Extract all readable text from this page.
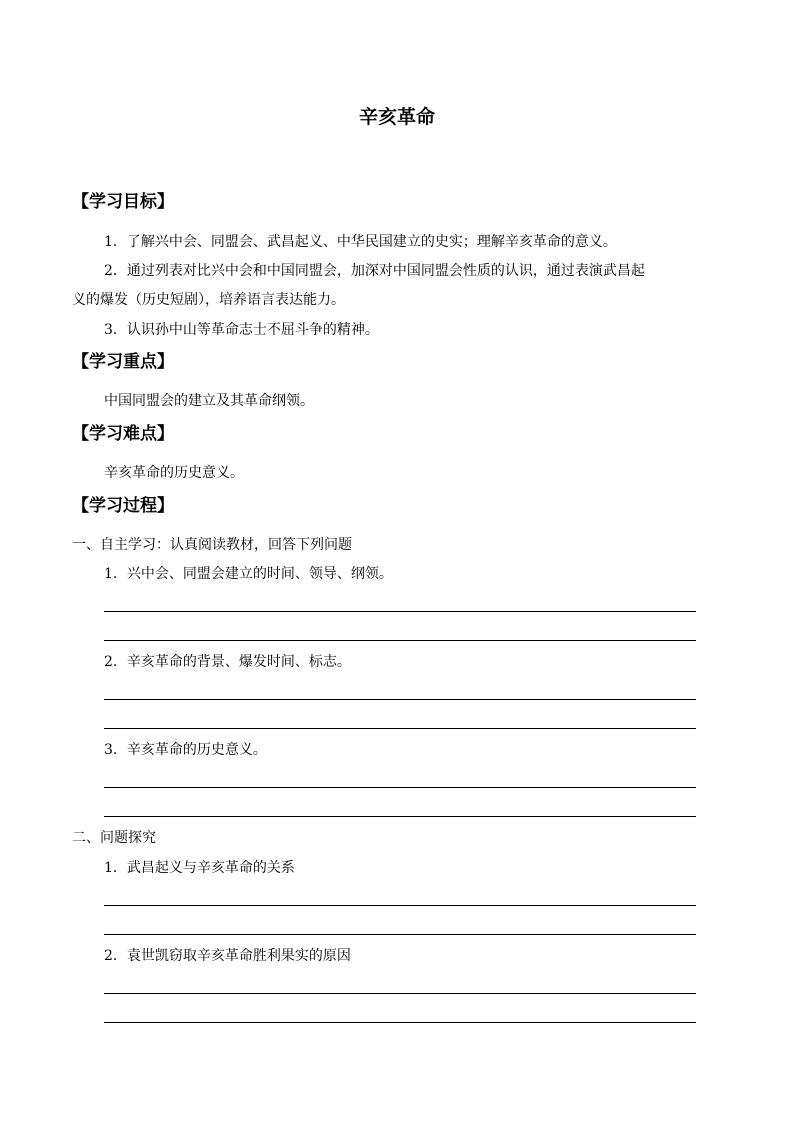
辛亥革命
【学习目标】
1．了解兴中会、同盟会、武昌起义、中华民国建立的史实；理解辛亥革命的意义。
2．通过列表对比兴中会和中国同盟会，加深对中国同盟会性质的认识，通过表演武昌起
义的爆发（历史短剧），培养语言表达能力。
3．认识孙中山等革命志士不屈斗争的精神。
【学习重点】
中国同盟会的建立及其革命纲领。
【学习难点】
辛亥革命的历史意义。
【学习过程】
一、自主学习：认真阅读教材，回答下列问题
1．兴中会、同盟会建立的时间、领导、纲领。
2．辛亥革命的背景、爆发时间、标志。
3．辛亥革命的历史意义。
二、问题探究
1．武昌起义与辛亥革命的关系
2．袁世凯窃取辛亥革命胜利果实的原因
